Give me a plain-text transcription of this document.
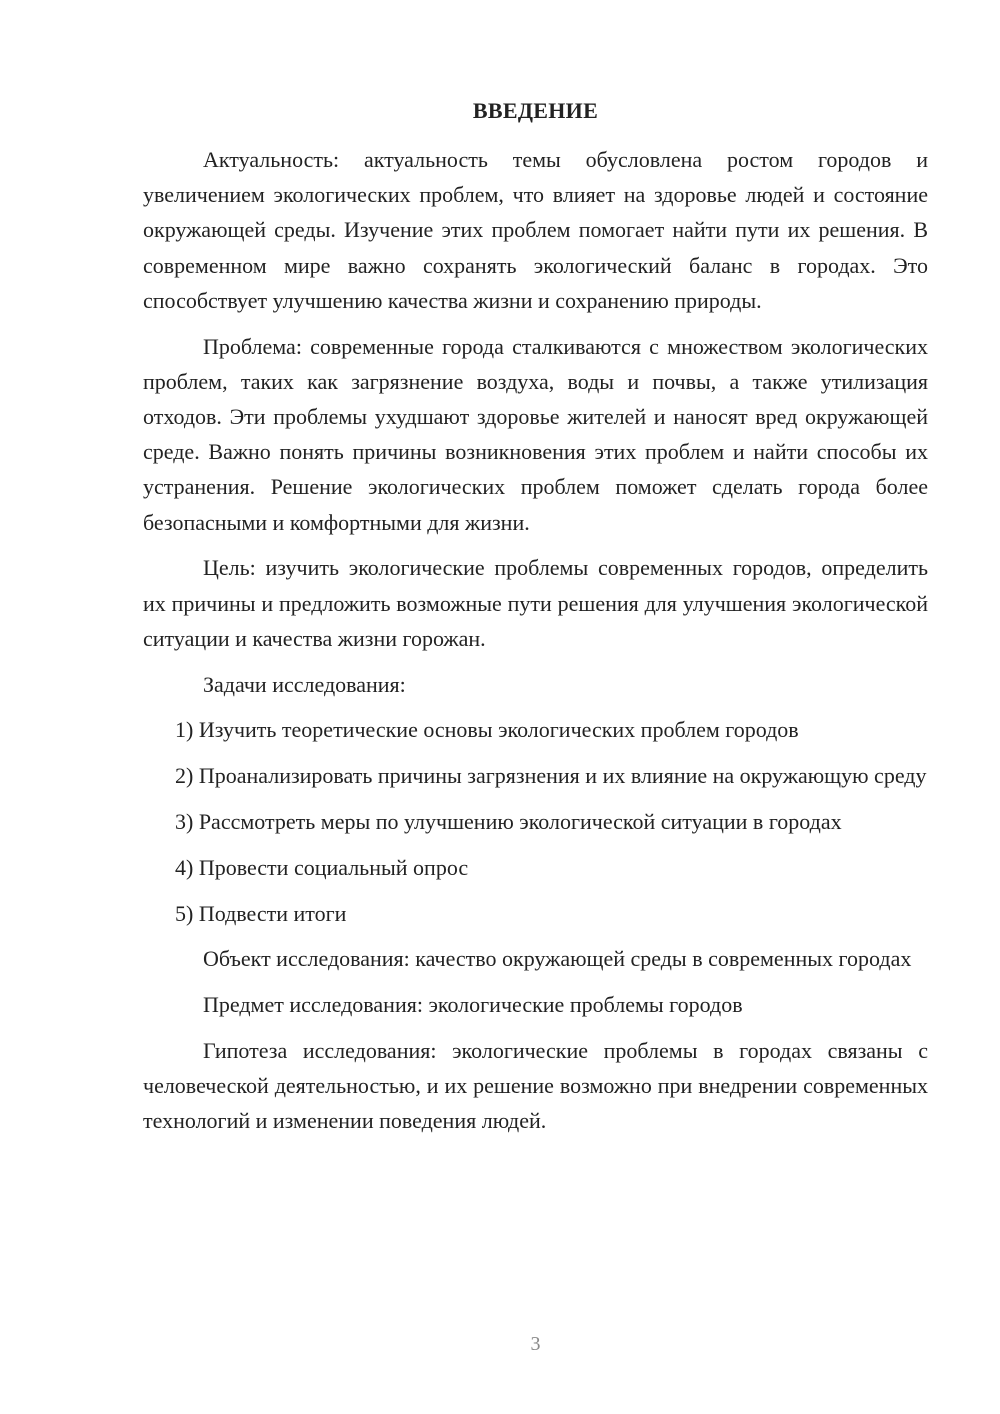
ВВЕДЕНИЕ

Актуальность: актуальность темы обусловлена ростом городов и увеличением экологических проблем, что влияет на здоровье людей и состояние окружающей среды. Изучение этих проблем помогает найти пути их решения. В современном мире важно сохранять экологический баланс в городах. Это способствует улучшению качества жизни и сохранению природы.

Проблема: современные города сталкиваются с множеством экологических проблем, таких как загрязнение воздуха, воды и почвы, а также утилизация отходов. Эти проблемы ухудшают здоровье жителей и наносят вред окружающей среде. Важно понять причины возникновения этих проблем и найти способы их устранения. Решение экологических проблем поможет сделать города более безопасными и комфортными для жизни.

Цель: изучить экологические проблемы современных городов, определить их причины и предложить возможные пути решения для улучшения экологической ситуации и качества жизни горожан.

Задачи исследования:

1) Изучить теоретические основы экологических проблем городов

2) Проанализировать причины загрязнения и их влияние на окружающую среду

3) Рассмотреть меры по улучшению экологической ситуации в городах

4) Провести социальный опрос

5) Подвести итоги

Объект исследования: качество окружающей среды в современных городах

Предмет исследования: экологические проблемы городов

Гипотеза исследования: экологические проблемы в городах связаны с человеческой деятельностью, и их решение возможно при внедрении современных технологий и изменении поведения людей.

3
